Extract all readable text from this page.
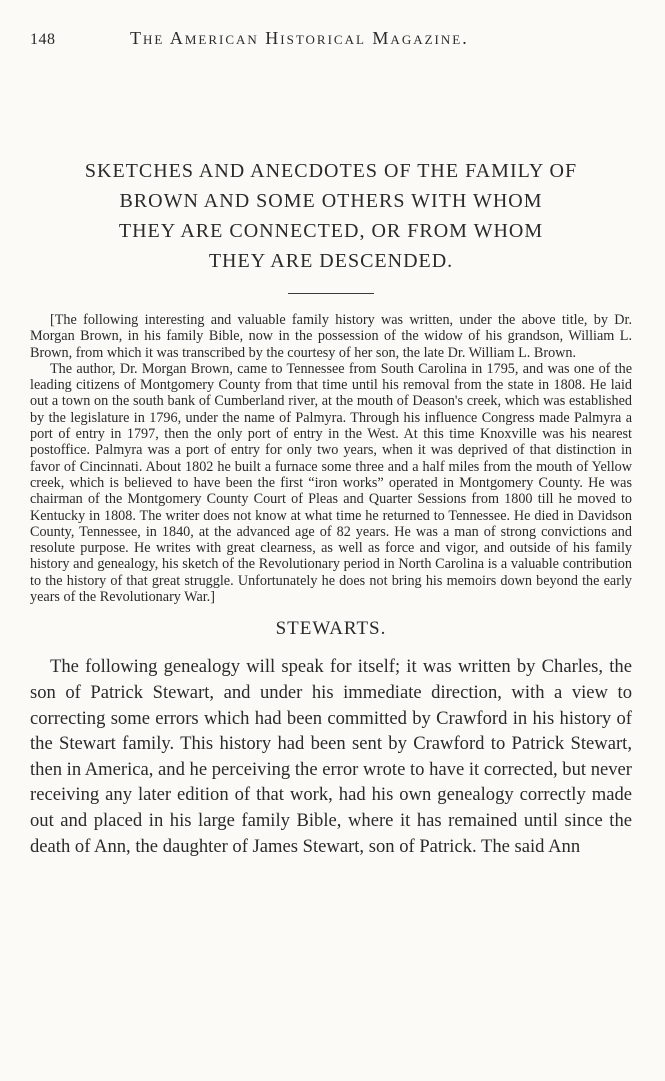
148	The American Historical Magazine.
SKETCHES AND ANECDOTES OF THE FAMILY OF
BROWN AND SOME OTHERS WITH WHOM
THEY ARE CONNECTED, OR FROM WHOM
THEY ARE DESCENDED.

[The following interesting and valuable family history was written, under the above title, by Dr. Morgan Brown, in his family Bible, now in the possession of the widow of his grandson, William L. Brown, from which it was transcribed by the courtesy of her son, the late Dr. William L. Brown.

The author, Dr. Morgan Brown, came to Tennessee from South Carolina in 1795, and was one of the leading citizens of Montgomery County from that time until his removal from the state in 1808. He laid out a town on the south bank of Cumberland river, at the mouth of Deason's creek, which was established by the legislature in 1796, under the name of Palmyra. Through his influence Congress made Palmyra a port of entry in 1797, then the only port of entry in the West. At this time Knoxville was his nearest postoffice. Palmyra was a port of entry for only two years, when it was deprived of that distinction in favor of Cincinnati. About 1802 he built a furnace some three and a half miles from the mouth of Yellow creek, which is believed to have been the first “iron works” operated in Montgomery County. He was chairman of the Montgomery County Court of Pleas and Quarter Sessions from 1800 till he moved to Kentucky in 1808. The writer does not know at what time he returned to Tennessee. He died in Davidson County, Tennessee, in 1840, at the advanced age of 82 years. He was a man of strong convictions and resolute purpose. He writes with great clearness, as well as force and vigor, and outside of his family history and genealogy, his sketch of the Revolutionary period in North Carolina is a valuable contribution to the history of that great struggle. Unfortunately he does not bring his memoirs down beyond the early years of the Revolutionary War.]

STEWARTS.

The following genealogy will speak for itself; it was written by Charles, the son of Patrick Stewart, and under his immediate direction, with a view to correcting some errors which had been committed by Crawford in his history of the Stewart family. This history had been sent by Crawford to Patrick Stewart, then in America, and he perceiving the error wrote to have it corrected, but never receiving any later edition of that work, had his own genealogy correctly made out and placed in his large family Bible, where it has remained until since the death of Ann, the daughter of James Stewart, son of Patrick. The said Ann
